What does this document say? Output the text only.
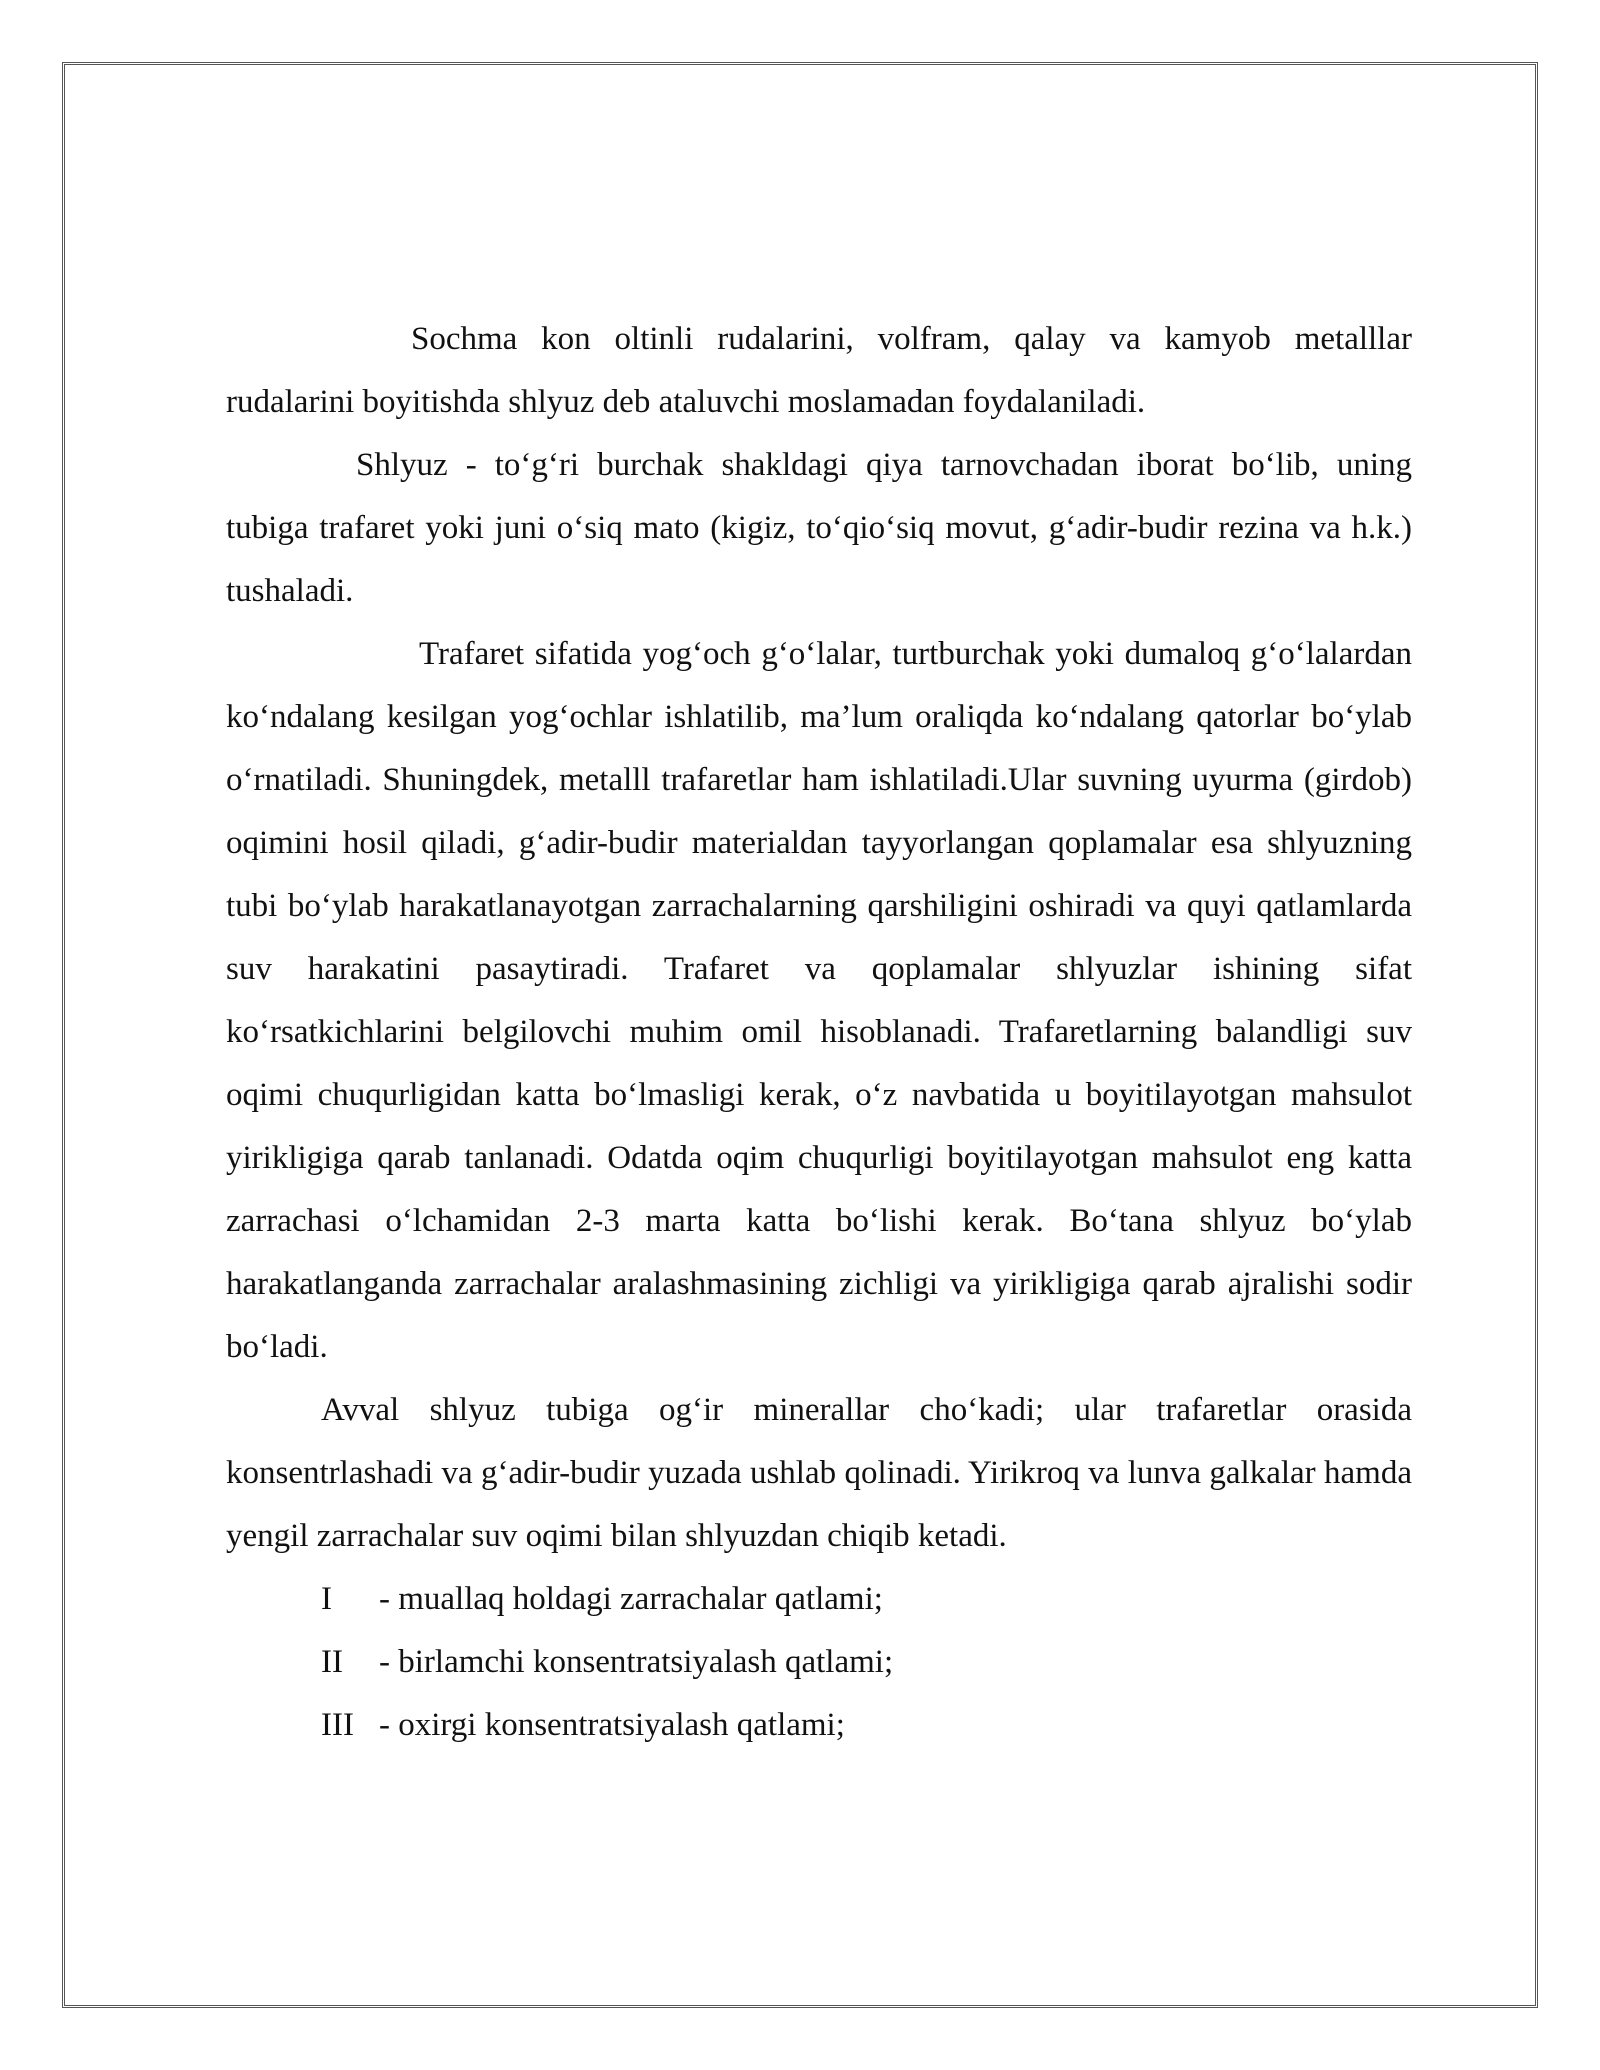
Sochma kon oltinli rudalarini, volfram, qalay va kamyob metalllar rudalarini boyitishda shlyuz deb ataluvchi moslamadan foydalaniladi.

Shlyuz - to‘g‘ri burchak shakldagi qiya tarnovchadan iborat bo‘lib, uning tubiga trafaret yoki juni o‘siq mato (kigiz, to‘qio‘siq movut, g‘adir-budir rezina va h.k.) tushaladi.

Trafaret sifatida yog‘och g‘o‘lalar, turtburchak yoki dumaloq g‘o‘lalardan ko‘ndalang kesilgan yog‘ochlar ishlatilib, ma’lum oraliqda ko‘ndalang qatorlar bo‘ylab o‘rnatiladi. Shuningdek, metalll trafaretlar ham ishlatiladi.Ular suvning uyurma (girdob) oqimini hosil qiladi, g‘adir-budir materialdan tayyorlangan qoplamalar esa shlyuzning tubi bo‘ylab harakatlanayotgan zarrachalarning qarshiligini oshiradi va quyi qatlamlarda suv harakatini pasaytiradi. Trafaret va qoplamalar shlyuzlar ishining sifat ko‘rsatkichlarini belgilovchi muhim omil hisoblanadi. Trafaretlarning balandligi suv oqimi chuqurligidan katta bo‘lmasligi kerak, o‘z navbatida u boyitilayotgan mahsulot yirikligiga qarab tanlanadi. Odatda oqim chuqurligi boyitilayotgan mahsulot eng katta zarrachasi o‘lchamidan 2-3 marta katta bo‘lishi kerak. Bo‘tana shlyuz bo‘ylab harakatlanganda zarrachalar aralashmasining zichligi va yirikligiga qarab ajralishi sodir bo‘ladi.

Avval shlyuz tubiga og‘ir minerallar cho‘kadi; ular trafaretlar orasida konsentrlashadi va g‘adir-budir yuzada ushlab qolinadi. Yirikroq va lunva galkalar hamda yengil zarrachalar suv oqimi bilan shlyuzdan chiqib ketadi.

I	- muallaq holdagi zarrachalar qatlami;
II	- birlamchi konsentratsiyalash qatlami;
III - oxirgi konsentratsiyalash qatlami;
